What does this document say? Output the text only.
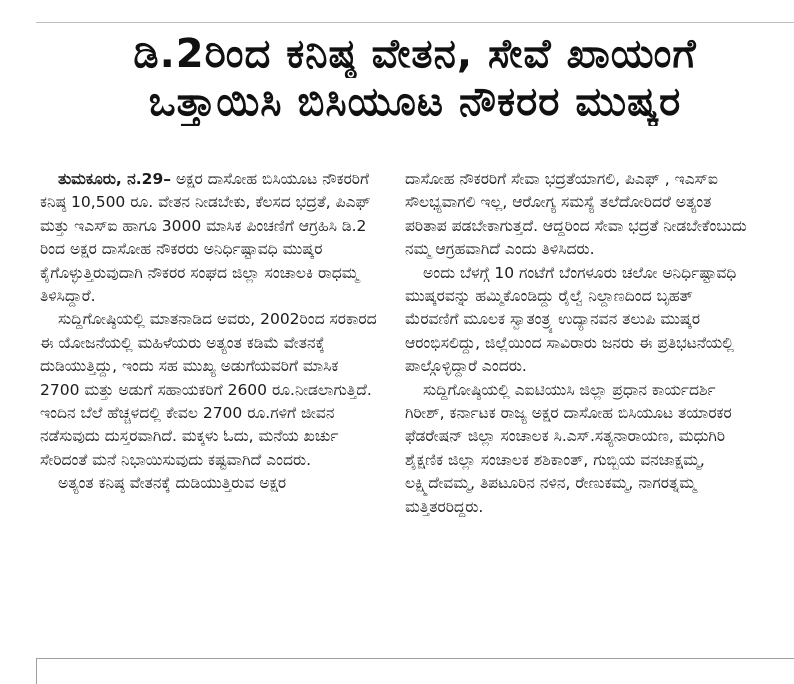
ಡಿ.2ರಿಂದ ಕನಿಷ್ಠ ವೇತನ, ಸೇವೆ ಖಾಯಂಗೆ
ಒತ್ತಾಯಿಸಿ ಬಿಸಿಯೂಟ ನೌಕರರ ಮುಷ್ಕರ

ತುಮಕೂರು, ನ.29– ಅಕ್ಷರ ದಾಸೋಹ ಬಿಸಿಯೂಟ ನೌಕರರಿಗೆ ಕನಿಷ್ಠ 10,500 ರೂ. ವೇತನ ನೀಡಬೇಕು, ಕೆಲಸದ ಭದ್ರತೆ, ಪಿಎಫ್ ಮತ್ತು ಇಎಸ್ಐ ಹಾಗೂ 3000 ಮಾಸಿಕ ಪಿಂಚಣಿಗೆ ಆಗ್ರಹಿಸಿ ಡಿ.2 ರಿಂದ ಅಕ್ಷರ ದಾಸೋಹ ನೌಕರರು ಅನಿರ್ಧಿಷ್ಟಾವಧಿ ಮುಷ್ಕರ ಕೈಗೊಳ್ಳುತ್ತಿರುವುದಾಗಿ ನೌಕರರ ಸಂಘದ ಜಿಲ್ಲಾ ಸಂಚಾಲಕಿ ರಾಧಮ್ಮ ತಿಳಿಸಿದ್ದಾರೆ.

ಸುದ್ದಿಗೋಷ್ಠಿಯಲ್ಲಿ ಮಾತನಾಡಿದ ಅವರು, 2002ರಿಂದ ಸರಕಾರದ ಈ ಯೋಜನೆಯಲ್ಲಿ ಮಹಿಳೆಯರು ಅತ್ಯಂತ ಕಡಿಮೆ ವೇತನಕ್ಕೆ ದುಡಿಯುತ್ತಿದ್ದು, ಇಂದು ಸಹ ಮುಖ್ಯ ಅಡುಗೆಯವರಿಗೆ ಮಾಸಿಕ 2700 ಮತ್ತು ಅಡುಗೆ ಸಹಾಯಕರಿಗೆ 2600 ರೂ.ನೀಡಲಾಗುತ್ತಿದೆ. ಇಂದಿನ ಬೆಲೆ ಹೆಚ್ಚಳದಲ್ಲಿ ಕೇವಲ 2700 ರೂ.ಗಳಿಗೆ ಜೀವನ ನಡೆಸುವುದು ದುಸ್ತರವಾಗಿದೆ. ಮಕ್ಕಳು ಓದು, ಮನೆಯ ಖರ್ಚು ಸೇರಿದಂತೆ ಮನೆ ನಿಭಾಯಿಸುವುದು ಕಷ್ಟವಾಗಿದೆ ಎಂದರು.

ಅತ್ಯಂತ ಕನಿಷ್ಠ ವೇತನಕ್ಕೆ ದುಡಿಯುತ್ತಿರುವ ಅಕ್ಷರ

ದಾಸೋಹ ನೌಕರರಿಗೆ ಸೇವಾ ಭದ್ರತೆಯಾಗಲಿ, ಪಿಎಫ್ , ಇಎಸ್ಐ ಸೌಲಭ್ಯವಾಗಲಿ ಇಲ್ಲ, ಆರೋಗ್ಯ ಸಮಸ್ಯೆ ತಲೆದೋರಿದರೆ ಅತ್ಯಂತ ಪರಿತಾಪ ಪಡಬೇಕಾಗುತ್ತದೆ. ಆದ್ದರಿಂದ ಸೇವಾ ಭದ್ರತೆ ನೀಡಬೇಕೆಂಬುದು ನಮ್ಮ ಆಗ್ರಹವಾಗಿದೆ ಎಂದು ತಿಳಿಸಿದರು.

ಅಂದು ಬೆಳಗ್ಗೆ 10 ಗಂಟೆಗೆ ಬೆಂಗಳೂರು ಚಲೋ ಅನಿರ್ಧಿಷ್ಟಾವಧಿ ಮುಷ್ಕರವನ್ನು ಹಮ್ಮಿಕೊಂಡಿದ್ದು ರೈಲ್ವೆ ನಿಲ್ದಾಣದಿಂದ ಬೃಹತ್ ಮೆರವಣಿಗೆ ಮೂಲಕ ಸ್ವಾತಂತ್ರ್ಯ ಉದ್ಯಾನವನ ತಲುಪಿ ಮುಷ್ಕರ ಆರಂಭಿಸಲಿದ್ದು, ಜಿಲ್ಲೆಯಿಂದ ಸಾವಿರಾರು ಜನರು ಈ ಪ್ರತಿಭಟನೆಯಲ್ಲಿ ಪಾಲ್ಗೊಳ್ಳಿದ್ದಾರೆ ಎಂದರು.

ಸುದ್ದಿಗೋಷ್ಠಿಯಲ್ಲಿ ಎಐಟಿಯುಸಿ ಜಿಲ್ಲಾ ಪ್ರಧಾನ ಕಾರ್ಯದರ್ಶಿ ಗಿರೀಶ್, ಕರ್ನಾಟಕ ರಾಜ್ಯ ಅಕ್ಷರ ದಾಸೋಹ ಬಿಸಿಯೂಟ ತಯಾರಕರ ಫೆಡರೇಷನ್ ಜಿಲ್ಲಾ ಸಂಚಾಲಕ ಸಿ.ಎಸ್.ಸತ್ಯನಾರಾಯಣ, ಮಧುಗಿರಿ ಶೈಕ್ಷಣಿಕ ಜಿಲ್ಲಾ ಸಂಚಾಲಕ ಶಶಿಕಾಂತ್, ಗುಬ್ಬಿಯ ವನಜಾಕ್ಷಮ್ಮ, ಲಕ್ಷ್ಮಿದೇವಮ್ಮ, ತಿಪಟೂರಿನ ನಳಿನ, ರೇಣುಕಮ್ಮ, ನಾಗರತ್ನಮ್ಮ ಮತ್ತಿತರರಿದ್ದರು.
